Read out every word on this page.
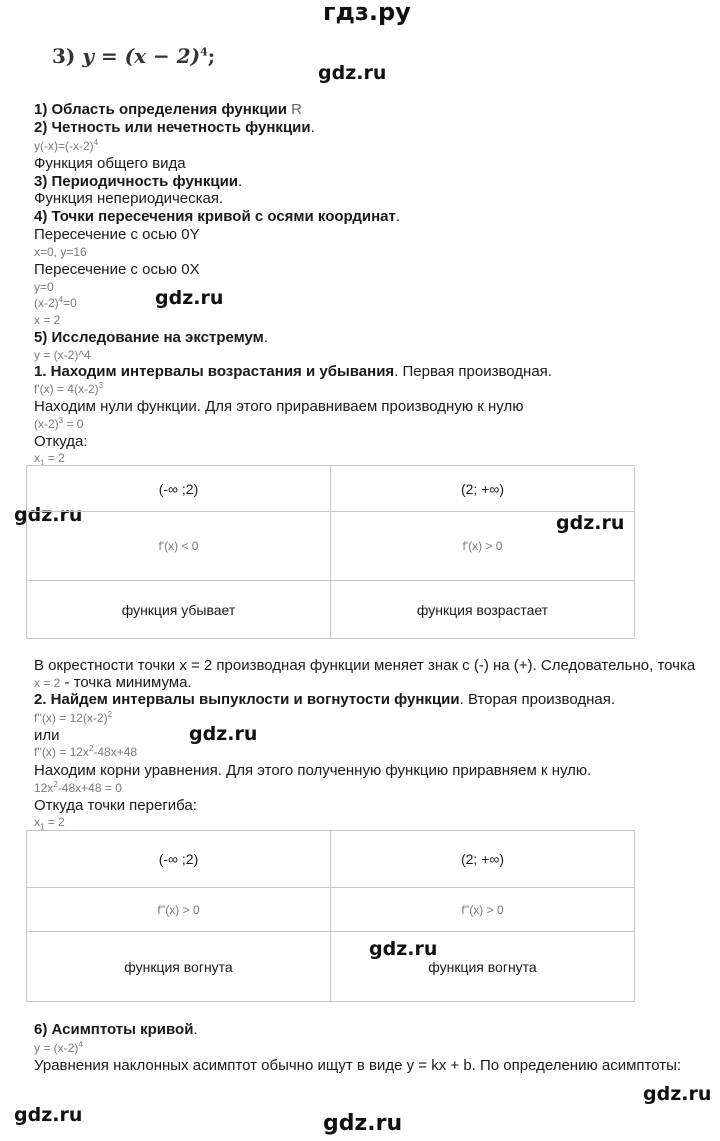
гдз.ру
gdz.ru
gdz.ru
gdz.ru	gdz.ru
gdz.ru
gdz.ru
gdz.ru
gdz.ru	gdz.ru
3) $y = (x - 2)^4$;
1) Область определения функции R
2) Четность или нечетность функции.
$y(-x)=(-x-2)^4$
Функция общего вида
3) Периодичность функции.
Функция непериодическая.
4) Точки пересечения кривой с осями координат.
Пересечение с осью 0Y
x=0, y=16
Пересечение с осью 0X
y=0
$(x-2)^4=0$
x = 2
5) Исследование на экстремум.
y = (x-2)^4
1. Находим интервалы возрастания и убывания. Первая производная.
$f'(x) = 4(x-2)^3$
Находим нули функции. Для этого приравниваем производную к нулю
$(x-2)^3 = 0$
Откуда:
$x_1 = 2$
(-∞ ;2)	(2; +∞)
f'(x) < 0	f'(x) > 0
функция убывает	функция возрастает
В окрестности точки x = 2 производная функции меняет знак с (-) на (+). Следовательно, точка
x = 2 - точка минимума.
2. Найдем интервалы выпуклости и вогнутости функции. Вторая производная.
$f''(x) = 12(x-2)^2$
или
$f''(x) = 12x^2-48x+48$
Находим корни уравнения. Для этого полученную функцию приравняем к нулю.
$12x^2-48x+48 = 0$
Откуда точки перегиба:
$x_1 = 2$
(-∞ ;2)	(2; +∞)
f''(x) > 0	f''(x) > 0
функция вогнута	функция вогнута
6) Асимптоты кривой.
$y = (x-2)^4$
Уравнения наклонных асимптот обычно ищут в виде y = kx + b. По определению асимптоты:
